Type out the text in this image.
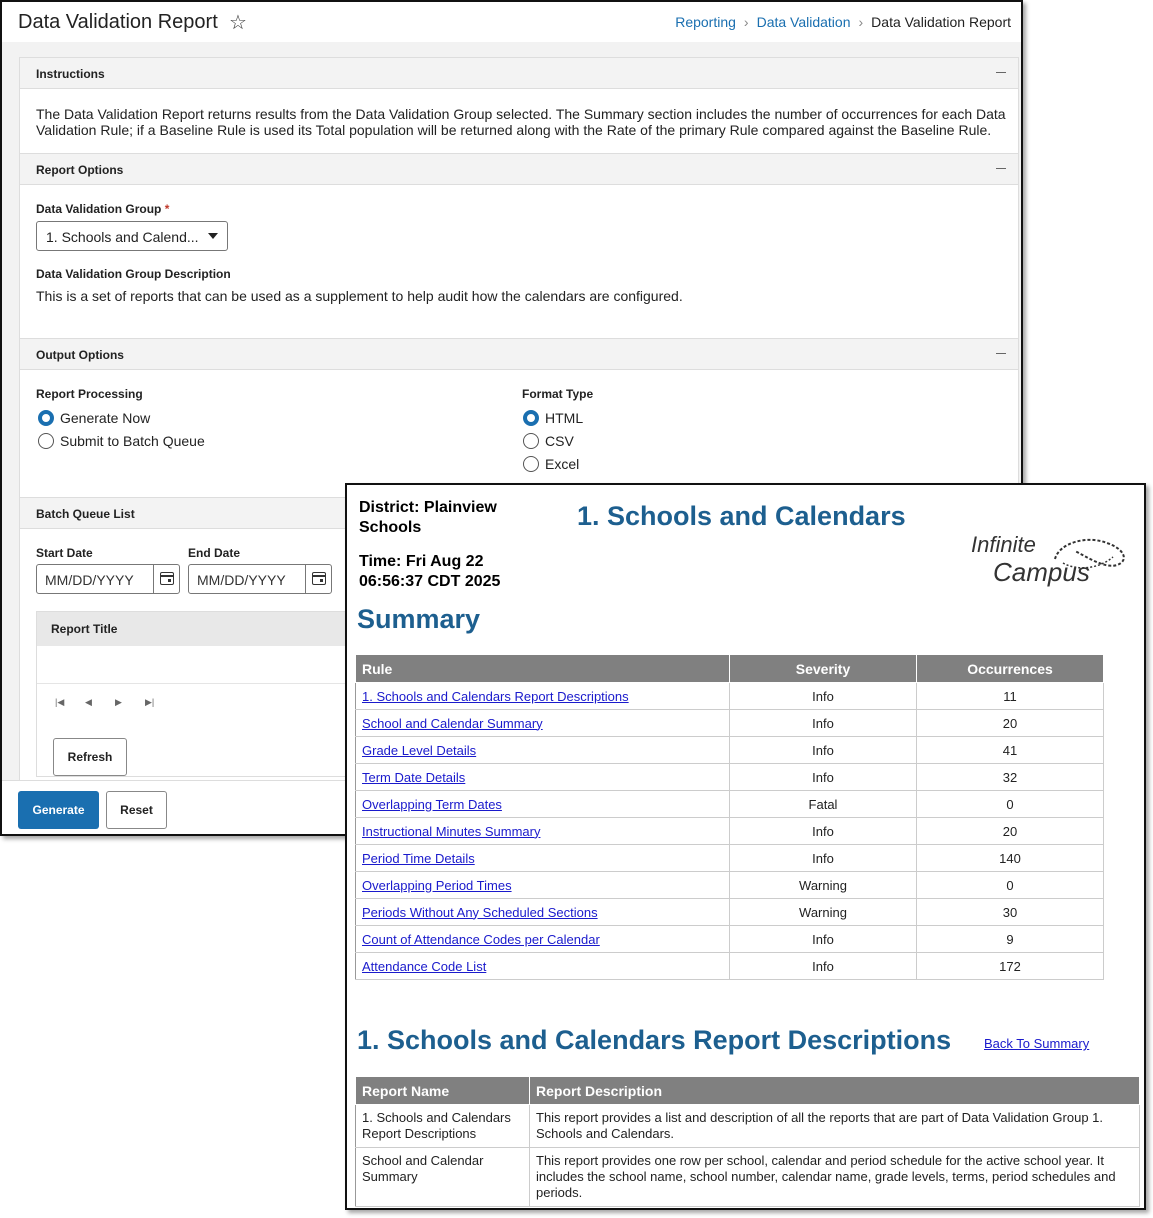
Data Validation Report ☆	Reporting › Data Validation › Data Validation Report
Instructions
The Data Validation Report returns results from the Data Validation Group selected. The Summary section includes the number of occurrences for each Data Validation Rule; if a Baseline Rule is used its Total population will be returned along with the Rate of the primary Rule compared against the Baseline Rule.
Report Options
Data Validation Group *
1. Schools and Calend...
Data Validation Group Description
This is a set of reports that can be used as a supplement to help audit how the calendars are configured.
Output Options
Report Processing
Generate Now
Submit to Batch Queue
Format Type
HTML
CSV
Excel
Batch Queue List
Start Date	End Date
MM/DD/YYYY	MM/DD/YYYY
Report Title
|◀ ◀	▶	▶|
Refresh
Generate	Reset
District: Plainview Schools
Time: Fri Aug 22 06:56:37 CDT 2025
1. Schools and Calendars
Infinite
Campus
Summary
Rule	Severity	Occurrences
1. Schools and Calendars Report Descriptions	Info	11
School and Calendar Summary	Info	20
Grade Level Details	Info	41
Term Date Details	Info	32
Overlapping Term Dates	Fatal	0
Instructional Minutes Summary	Info	20
Period Time Details	Info	140
Overlapping Period Times	Warning	0
Periods Without Any Scheduled Sections	Warning	30
Count of Attendance Codes per Calendar	Info	9
Attendance Code List	Info	172
1. Schools and Calendars Report Descriptions	Back To Summary
Report Name	Report Description
1. Schools and Calendars Report Descriptions	This report provides a list and description of all the reports that are part of Data Validation Group 1. Schools and Calendars.
School and Calendar Summary	This report provides one row per school, calendar and period schedule for the active school year. It includes the school name, school number, calendar name, grade levels, terms, period schedules and periods.
